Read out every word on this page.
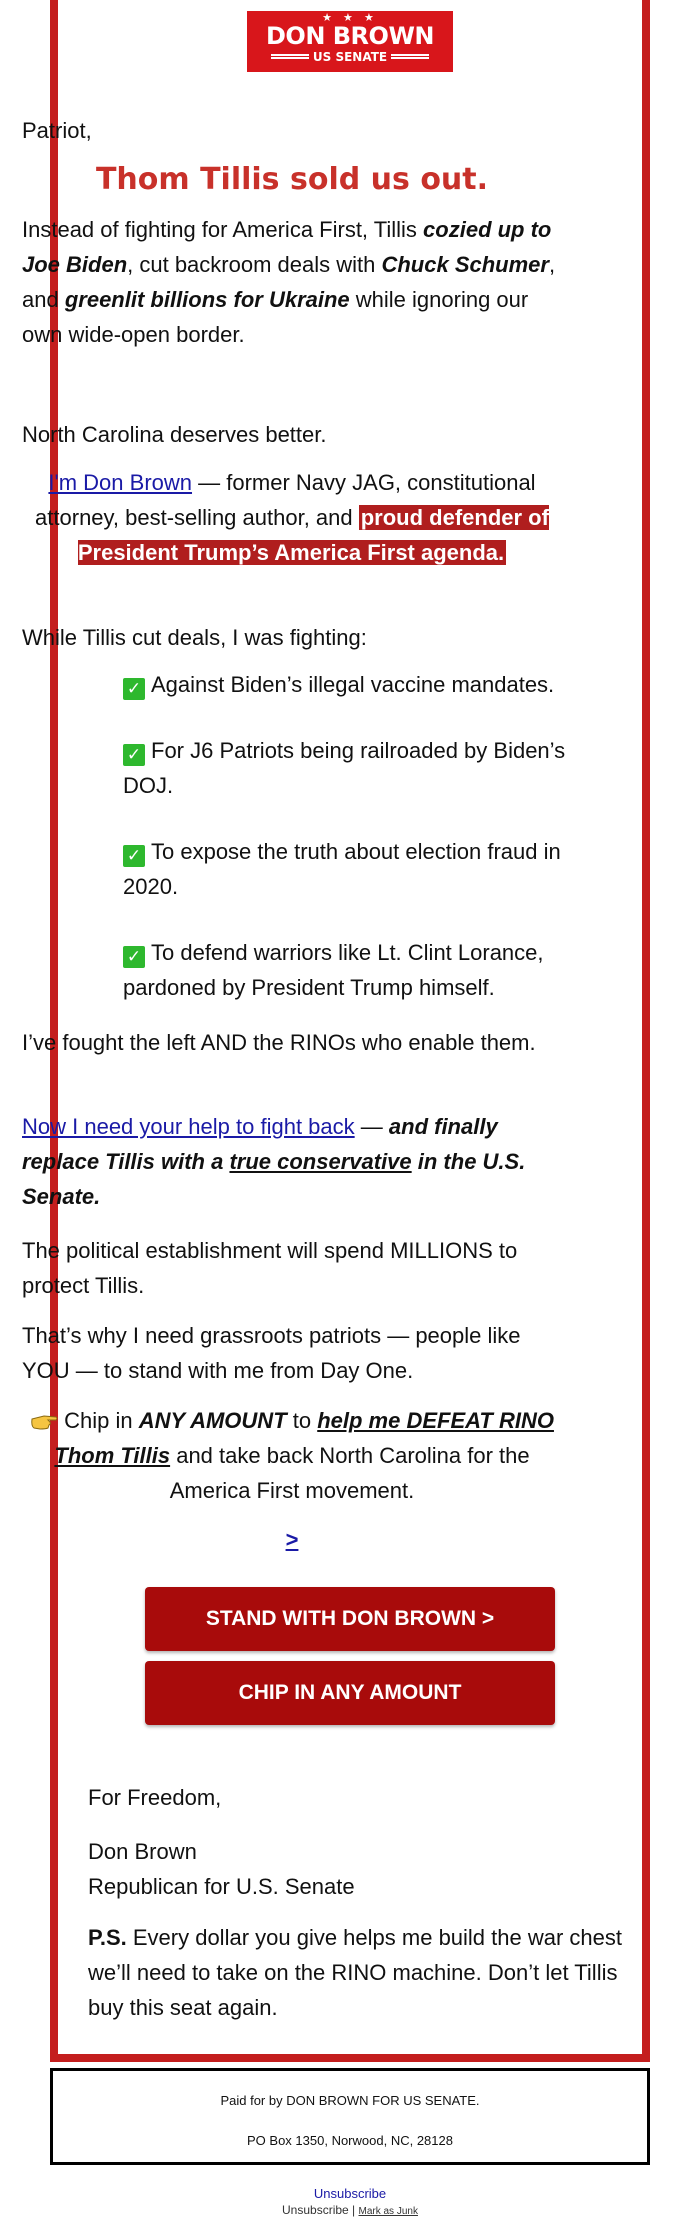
★ ★ ★
DON BROWN
US SENATE

Patriot,

Thom Tillis sold us out.

Instead of fighting for America First, Tillis cozied up to Joe Biden, cut backroom deals with Chuck Schumer, and greenlit billions for Ukraine while ignoring our own wide-open border.

North Carolina deserves better.

I'm Don Brown — former Navy JAG, constitutional attorney, best-selling author, and proud defender of President Trump’s America First agenda.

While Tillis cut deals, I was fighting:

✓ Against Biden’s illegal vaccine mandates.

✓ For J6 Patriots being railroaded by Biden’s DOJ.

✓ To expose the truth about election fraud in 2020.

✓ To defend warriors like Lt. Clint Lorance, pardoned by President Trump himself.

I’ve fought the left AND the RINOs who enable them.

Now I need your help to fight back — and finally replace Tillis with a true conservative in the U.S. Senate.

The political establishment will spend MILLIONS to protect Tillis.

That’s why I need grassroots patriots — people like YOU — to stand with me from Day One.

Chip in ANY AMOUNT to help me DEFEAT RINO Thom Tillis and take back North Carolina for the America First movement.

>

STAND WITH DON BROWN >
CHIP IN ANY AMOUNT

For Freedom,

Don Brown

Republican for U.S. Senate

P.S. Every dollar you give helps me build the war chest we’ll need to take on the RINO machine. Don’t let Tillis buy this seat again.

Paid for by DON BROWN FOR US SENATE.

PO Box 1350, Norwood, NC, 28128

Unsubscribe
Unsubscribe | Mark as Junk
